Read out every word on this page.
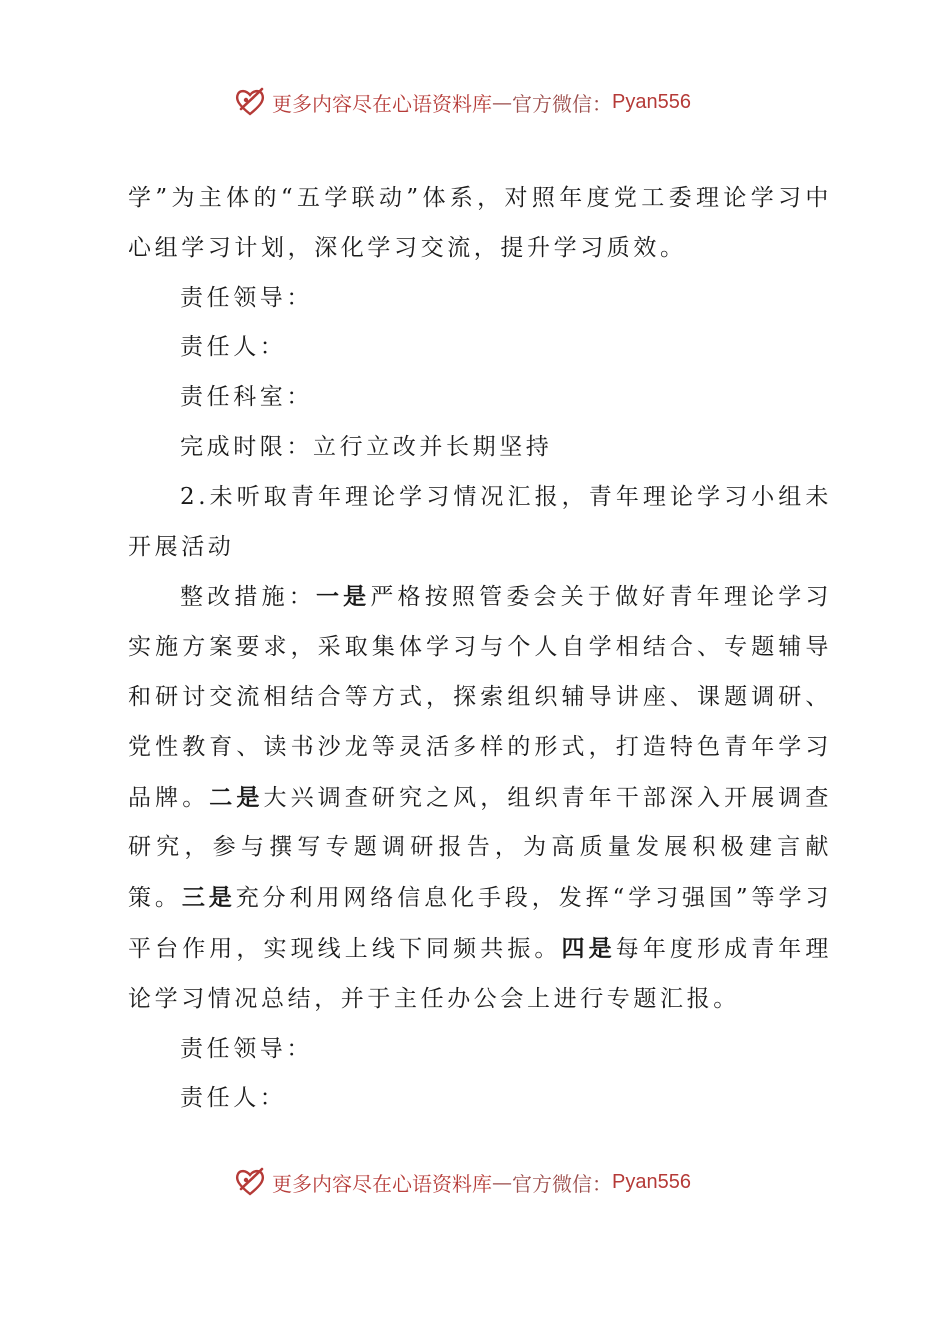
更多内容尽在心语资料库 — 官方微信： Pyan556

学”为主体的“五学联动”体系，对照年度党工委理论学习中心组学习计划，深化学习交流，提升学习质效。

责任领导：

责任人：

责任科室：

完成时限：立行立改并长期坚持

2.未听取青年理论学习情况汇报，青年理论学习小组未开展活动

整改措施：一是严格按照管委会关于做好青年理论学习实施方案要求，采取集体学习与个人自学相结合、专题辅导和研讨交流相结合等方式，探索组织辅导讲座、课题调研、党性教育、读书沙龙等灵活多样的形式，打造特色青年学习品牌。二是大兴调查研究之风，组织青年干部深入开展调查研究，参与撰写专题调研报告，为高质量发展积极建言献策。三是充分利用网络信息化手段，发挥“学习强国”等学习平台作用，实现线上线下同频共振。四是每年度形成青年理论学习情况总结，并于主任办公会上进行专题汇报。

责任领导：

责任人：

更多内容尽在心语资料库 — 官方微信： Pyan556
